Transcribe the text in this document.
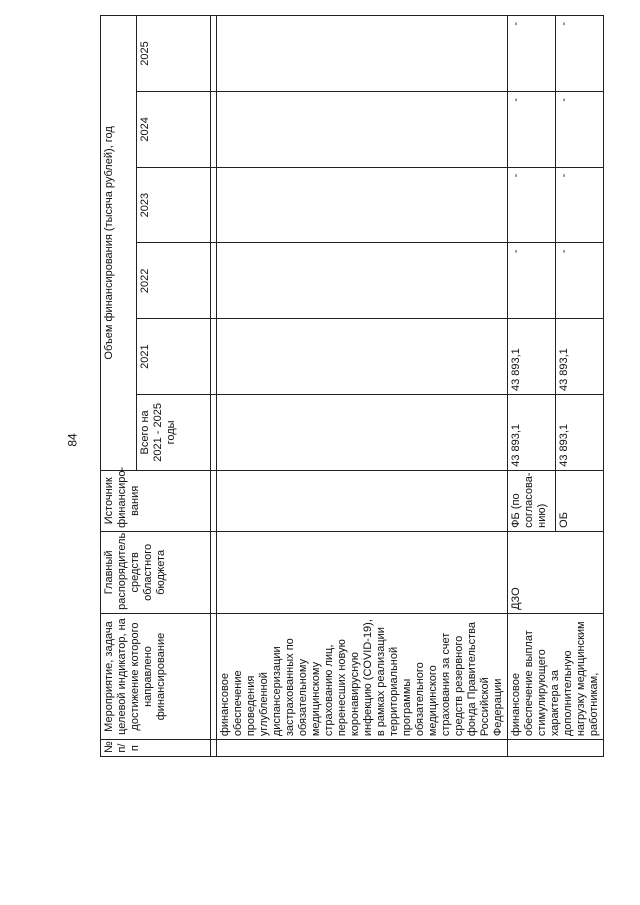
84
№ п/п	Мероприятие, задача целевой индикатор, на достижение которого направлено финансирование	Главный распорядитель средств областного бюджета	Источник финансиро-вания	Объем финансирования (тысяча рублей), год					
				Всего на 2021 - 2025 годы	2021	2022	2023	2024	2025

	финансовое обеспечение проведения углубленной диспансеризации застрахованных по обязательному медицинскому страхованию лиц, перенесших новую коронавирусную инфекцию (COVID-19), в рамках реализации территориальной программы обязательного медицинского страхования за счет средств резервного фонда Правительства Российской Федерации								
	финансовое обеспечение выплат стимулирующего характера за дополнительную нагрузку медицинским работникам,	ДЗО	ФБ (по согласова-нию)	43 893,1	43 893,1	-	-	-	-
			ОБ	43 893,1	43 893,1	-	-	-	-
